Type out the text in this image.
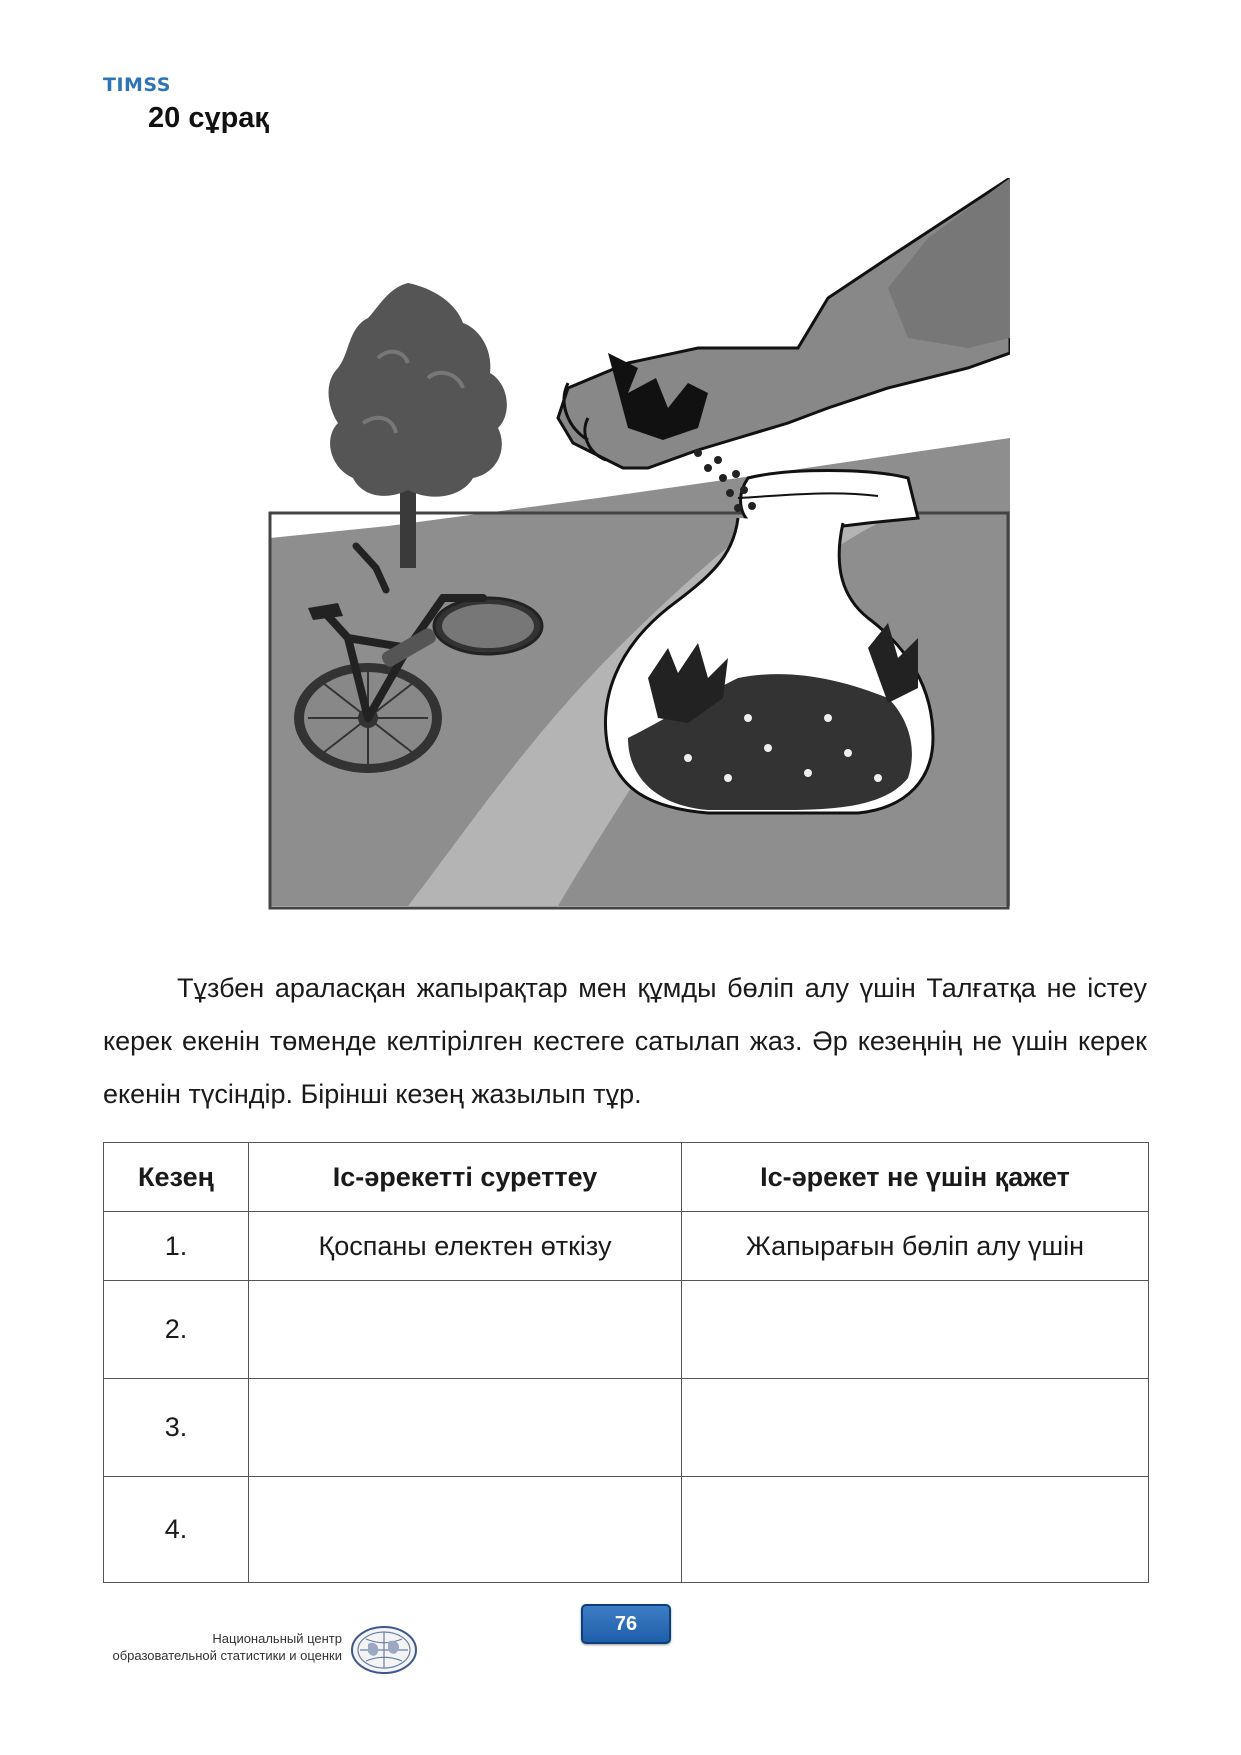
TIMSS
20 сұрақ
Тұзбен араласқан жапырақтар мен құмды бөліп алу үшін Талғатқа не істеу керек екенін төменде келтірілген кестеге сатылап жаз. Әр кезеңнің не үшін керек екенін түсіндір. Бірінші кезең жазылып тұр.
Кезең	Іс-әрекетті суреттеу	Іс-әрекет не үшін қажет
1.	Қоспаны електен өткізу	Жапырағын бөліп алу үшін
2.		
3.		
4.		
76
Национальный центр
образовательной статистики и оценки
